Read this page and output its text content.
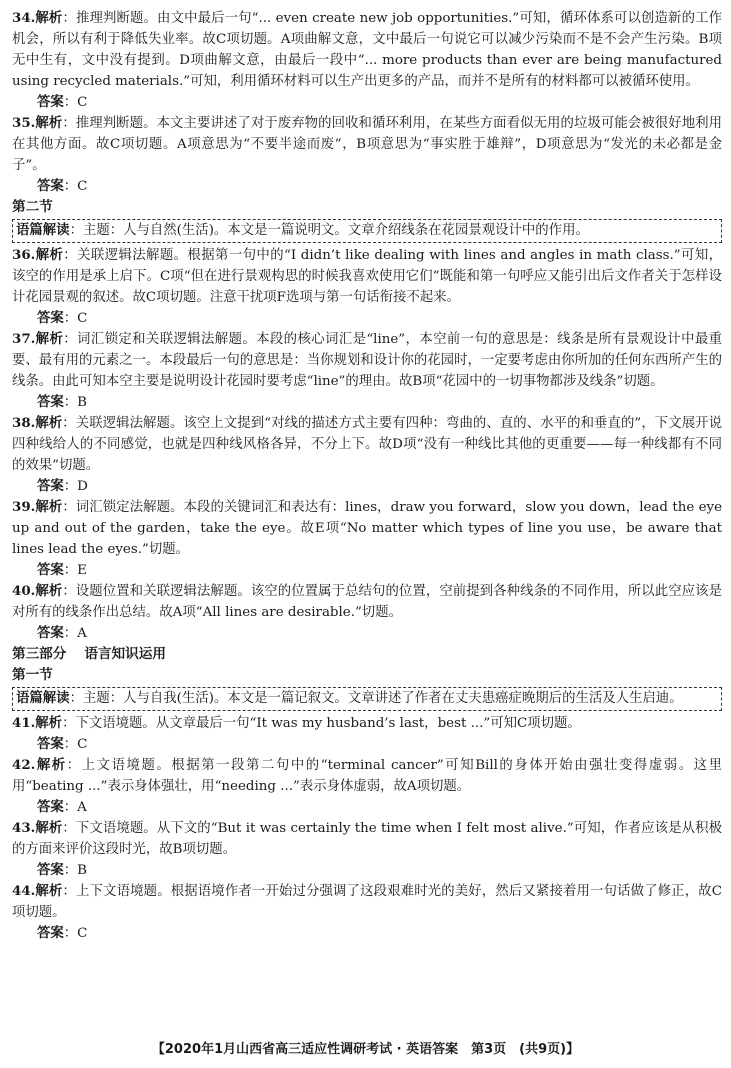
34.解析：推理判断题。由文中最后一句“... even create new job opportunities.”可知，循环体系可以创造新的工作机会，所以有利于降低失业率。故C项切题。A项曲解文意，文中最后一句说它可以减少污染而不是不会产生污染。B项无中生有，文中没有提到。D项曲解文意，由最后一段中“... more products than ever are being manufactured using recycled materials.”可知，利用循环材料可以生产出更多的产品，而并不是所有的材料都可以被循环使用。

答案：C

35.解析：推理判断题。本文主要讲述了对于废弃物的回收和循环利用，在某些方面看似无用的垃圾可能会被很好地利用在其他方面。故C项切题。A项意思为“不要半途而废”，B项意思为“事实胜于雄辩”，D项意思为“发光的未必都是金子”。

答案：C

第二节

语篇解读：主题：人与自然(生活)。本文是一篇说明文。文章介绍线条在花园景观设计中的作用。

36.解析：关联逻辑法解题。根据第一句中的“I didn’t like dealing with lines and angles in math class.”可知，该空的作用是承上启下。C项“但在进行景观构思的时候我喜欢使用它们”既能和第一句呼应又能引出后文作者关于怎样设计花园景观的叙述。故C项切题。注意干扰项F选项与第一句话衔接不起来。

答案：C

37.解析：词汇锁定和关联逻辑法解题。本段的核心词汇是“line”，本空前一句的意思是：线条是所有景观设计中最重要、最有用的元素之一。本段最后一句的意思是：当你规划和设计你的花园时，一定要考虑由你所加的任何东西所产生的线条。由此可知本空主要是说明设计花园时要考虑“line”的理由。故B项“花园中的一切事物都涉及线条”切题。

答案：B

38.解析：关联逻辑法解题。该空上文提到“对线的描述方式主要有四种：弯曲的、直的、水平的和垂直的”，下文展开说四种线给人的不同感觉，也就是四种线风格各异，不分上下。故D项“没有一种线比其他的更重要——每一种线都有不同的效果”切题。

答案：D

39.解析：词汇锁定法解题。本段的关键词汇和表达有：lines，draw you forward，slow you down，lead the eye up and out of the garden，take the eye。故E项“No matter which types of line you use，be aware that lines lead the eyes.”切题。

答案：E

40.解析：设题位置和关联逻辑法解题。该空的位置属于总结句的位置，空前提到各种线条的不同作用，所以此空应该是对所有的线条作出总结。故A项“All lines are desirable.”切题。

答案：A

第三部分 语言知识运用

第一节

语篇解读：主题：人与自我(生活)。本文是一篇记叙文。文章讲述了作者在丈夫患癌症晚期后的生活及人生启迪。

41.解析：下文语境题。从文章最后一句“It was my husband’s last，best ...”可知C项切题。

答案：C

42.解析：上文语境题。根据第一段第二句中的“terminal cancer”可知Bill的身体开始由强壮变得虚弱。这里用“beating ...”表示身体强壮，用“needing ...”表示身体虚弱，故A项切题。

答案：A

43.解析：下文语境题。从下文的“But it was certainly the time when I felt most alive.”可知，作者应该是从积极的方面来评价这段时光，故B项切题。

答案：B

44.解析：上下文语境题。根据语境作者一开始过分强调了这段艰难时光的美好，然后又紧接着用一句话做了修正，故C项切题。

答案：C

【2020年1月山西省高三适应性调研考试 · 英语答案　第3页　(共9页)】
